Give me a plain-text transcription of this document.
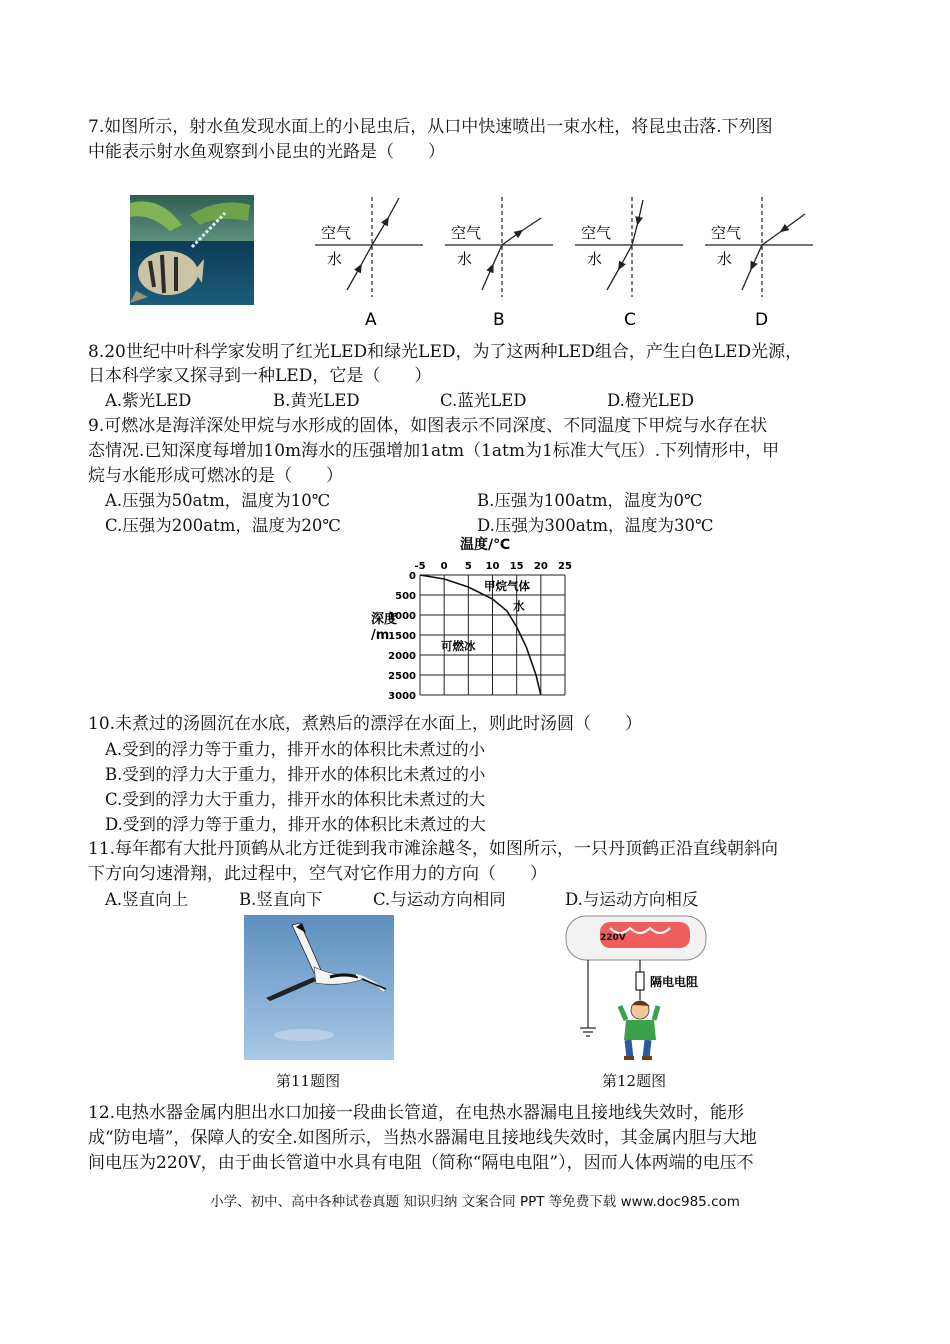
7.如图所示，射水鱼发现水面上的小昆虫后，从口中快速喷出一束水柱，将昆虫击落.下列图
中能表示射水鱼观察到小昆虫的光路是（　　）
空气
水
A
空气
水
B
空气
水
C
空气
水
D
8.20世纪中叶科学家发明了红光LED和绿光LED，为了这两种LED组合，产生白色LED光源，
日本科学家又探寻到一种LED，它是（　　）
A.紫光LED	B.黄光LED	C.蓝光LED	D.橙光LED
9.可燃冰是海洋深处甲烷与水形成的固体，如图表示不同深度、不同温度下甲烷与水存在状
态情况.已知深度每增加10m海水的压强增加1atm（1atm为1标准大气压）.下列情形中，甲
烷与水能形成可燃冰的是（　　）
A.压强为50atm，温度为10℃	B.压强为100atm，温度为0℃
C.压强为200atm，温度为20℃	D.压强为300atm，温度为30℃
温度/℃
-5 0 5 10 15 20 25
0
500
1000
1500
2000
2500
3000
深度 /m
甲烷气体
水
可燃冰
10.未煮过的汤圆沉在水底，煮熟后的漂浮在水面上，则此时汤圆（　　）
A.受到的浮力等于重力，排开水的体积比未煮过的小
B.受到的浮力大于重力，排开水的体积比未煮过的小
C.受到的浮力大于重力，排开水的体积比未煮过的大
D.受到的浮力等于重力，排开水的体积比未煮过的大
11.每年都有大批丹顶鹤从北方迁徙到我市滩涂越冬，如图所示，一只丹顶鹤正沿直线朝斜向
下方向匀速滑翔，此过程中，空气对它作用力的方向（　　）
A.竖直向上	B.竖直向下	C.与运动方向相同	D.与运动方向相反
第11题图
220V
隔电电阻
第12题图
12.电热水器金属内胆出水口加接一段曲长管道，在电热水器漏电且接地线失效时，能形
成“防电墙”，保障人的安全.如图所示，当热水器漏电且接地线失效时，其金属内胆与大地
间电压为220V，由于曲长管道中水具有电阻（简称“隔电电阻”），因而人体两端的电压不
小学、初中、高中各种试卷真题 知识归纳 文案合同 PPT 等免费下载 www.doc985.com
